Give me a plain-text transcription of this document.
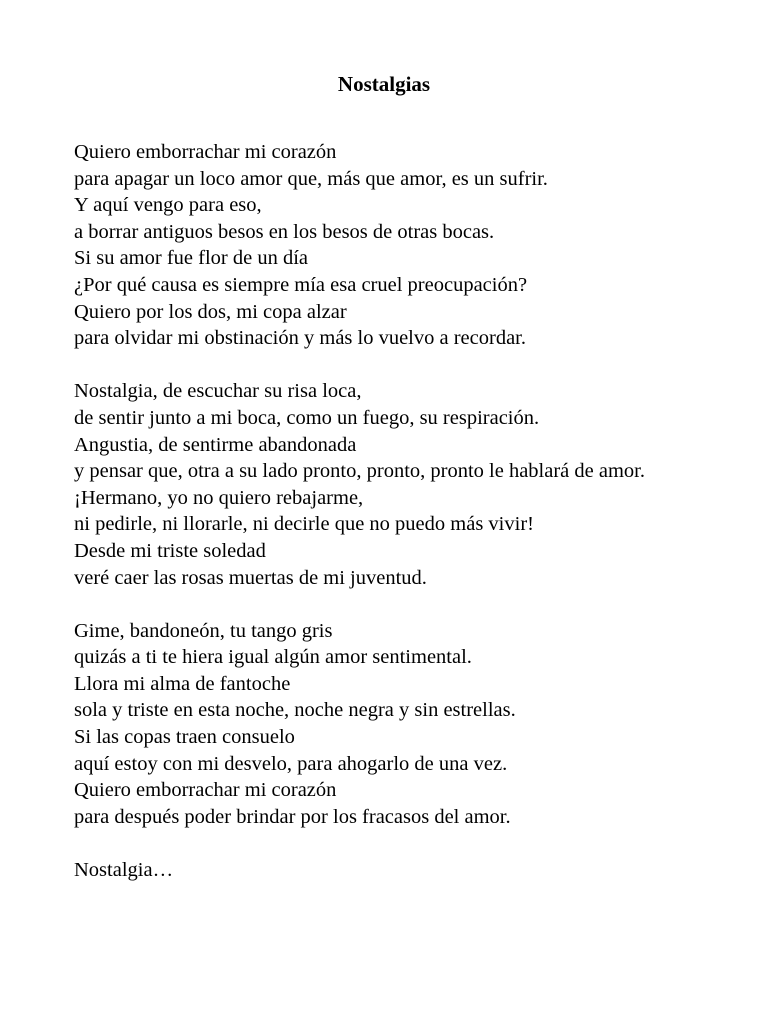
Nostalgias
Quiero emborrachar mi corazón
para apagar un loco amor que, más que amor, es un sufrir.
Y aquí vengo para eso,
a borrar antiguos besos en los besos de otras bocas.
Si su amor fue flor de un día
¿Por qué causa es siempre mía esa cruel preocupación?
Quiero por los dos, mi copa alzar
para olvidar mi obstinación y más lo vuelvo a recordar.
Nostalgia, de escuchar su risa loca,
de sentir junto a mi boca, como un fuego, su respiración.
Angustia, de sentirme abandonada
y pensar que, otra a su lado pronto, pronto, pronto le hablará de amor.
¡Hermano, yo no quiero rebajarme,
ni pedirle, ni llorarle, ni decirle que no puedo más vivir!
Desde mi triste soledad
veré caer las rosas muertas de mi juventud.
Gime, bandoneón, tu tango gris
quizás a ti te hiera igual algún amor sentimental.
Llora mi alma de fantoche
sola y triste en esta noche, noche negra y sin estrellas.
Si las copas traen consuelo
aquí estoy con mi desvelo, para ahogarlo de una vez.
Quiero emborrachar mi corazón
para después poder brindar por los fracasos del amor.
Nostalgia…
